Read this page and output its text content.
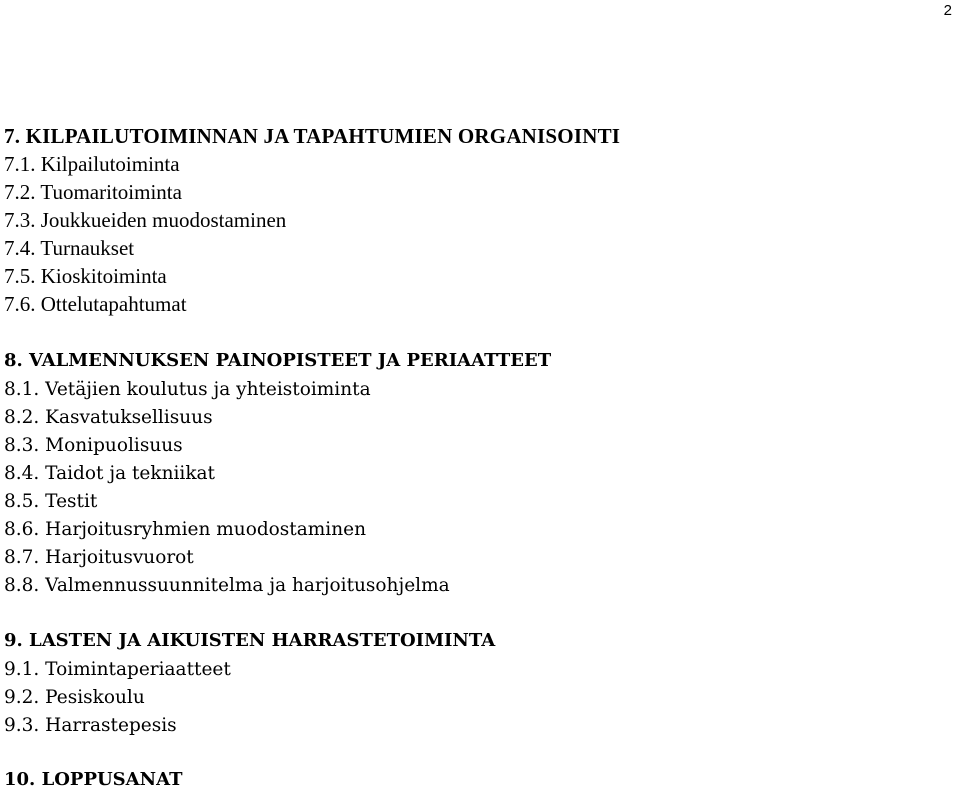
2
7. KILPAILUTOIMINNAN JA TAPAHTUMIEN ORGANISOINTI
7.1. Kilpailutoiminta
7.2. Tuomaritoiminta
7.3. Joukkueiden muodostaminen
7.4. Turnaukset
7.5. Kioskitoiminta
7.6. Ottelutapahtumat
8. VALMENNUKSEN PAINOPISTEET JA PERIAATTEET
8.1. Vetäjien koulutus ja yhteistoiminta
8.2. Kasvatuksellisuus
8.3. Monipuolisuus
8.4. Taidot ja tekniikat
8.5. Testit
8.6. Harjoitusryhmien muodostaminen
8.7. Harjoitusvuorot
8.8. Valmennussuunnitelma ja harjoitusohjelma
9. LASTEN JA AIKUISTEN HARRASTETOIMINTA
9.1. Toimintaperiaatteet
9.2. Pesiskoulu
9.3. Harrastepesis
10. LOPPUSANAT
